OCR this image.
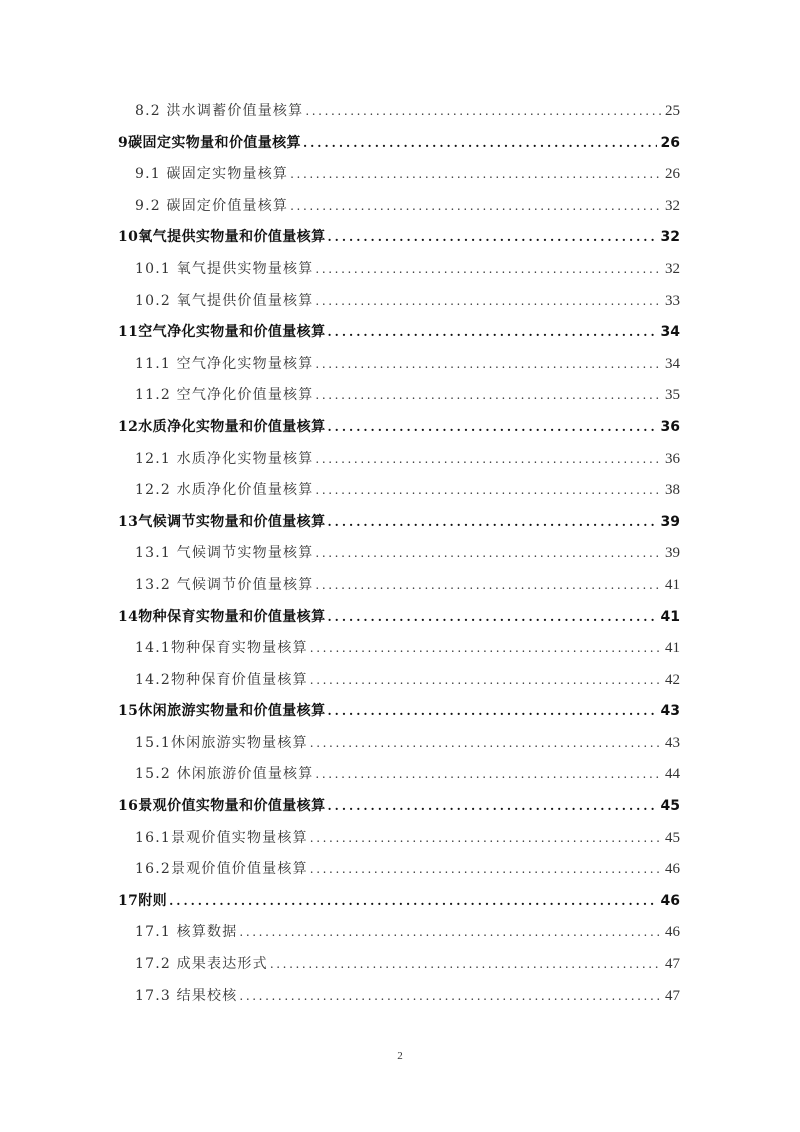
8.2 洪水调蓄价值量核算 .....	25
9碳固定实物量和价值量核算 .....	26
9.1 碳固定实物量核算 .....	26
9.2 碳固定价值量核算 .....	32
10氧气提供实物量和价值量核算 .....	32
10.1 氧气提供实物量核算 .....	32
10.2 氧气提供价值量核算 .....	33
11空气净化实物量和价值量核算 .....	34
11.1 空气净化实物量核算 .....	34
11.2 空气净化价值量核算 .....	35
12水质净化实物量和价值量核算 .....	36
12.1 水质净化实物量核算 .....	36
12.2 水质净化价值量核算 .....	38
13气候调节实物量和价值量核算 .....	39
13.1 气候调节实物量核算 .....	39
13.2 气候调节价值量核算 .....	41
14物种保育实物量和价值量核算 .....	41
14.1物种保育实物量核算 .....	41
14.2物种保育价值量核算 .....	42
15休闲旅游实物量和价值量核算 .....	43
15.1休闲旅游实物量核算 .....	43
15.2 休闲旅游价值量核算 .....	44
16景观价值实物量和价值量核算 .....	45
16.1景观价值实物量核算 .....	45
16.2景观价值价值量核算 .....	46
17附则 .....	46
17.1 核算数据 .....	46
17.2 成果表达形式 .....	47
17.3 结果校核 .....	47
2
